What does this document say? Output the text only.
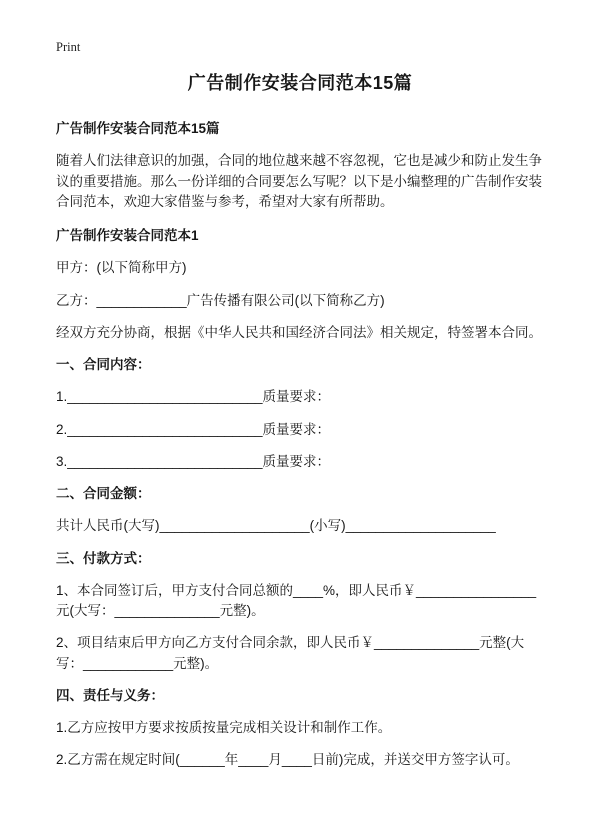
Print
广告制作安装合同范本15篇

广告制作安装合同范本15篇

随着人们法律意识的加强，合同的地位越来越不容忽视，它也是减少和防止发生争议的重要措施。那么一份详细的合同要怎么写呢？以下是小编整理的广告制作安装合同范本，欢迎大家借鉴与参考，希望对大家有所帮助。

广告制作安装合同范本1

甲方：(以下简称甲方)

乙方：____________广告传播有限公司(以下简称乙方)

经双方充分协商，根据《中华人民共和国经济合同法》相关规定，特签署本合同。

一、合同内容：

1.__________________________质量要求：

2.__________________________质量要求：

3.__________________________质量要求：

二、合同金额：

共计人民币(大写)____________________(小写)____________________

三、付款方式：

1、本合同签订后，甲方支付合同总额的____%，即人民币￥________________元(大写：______________元整)。

2、项目结束后甲方向乙方支付合同余款，即人民币￥______________元整(大写：____________元整)。

四、责任与义务：

1.乙方应按甲方要求按质按量完成相关设计和制作工作。

2.乙方需在规定时间(______年____月____日前)完成，并送交甲方签字认可。
